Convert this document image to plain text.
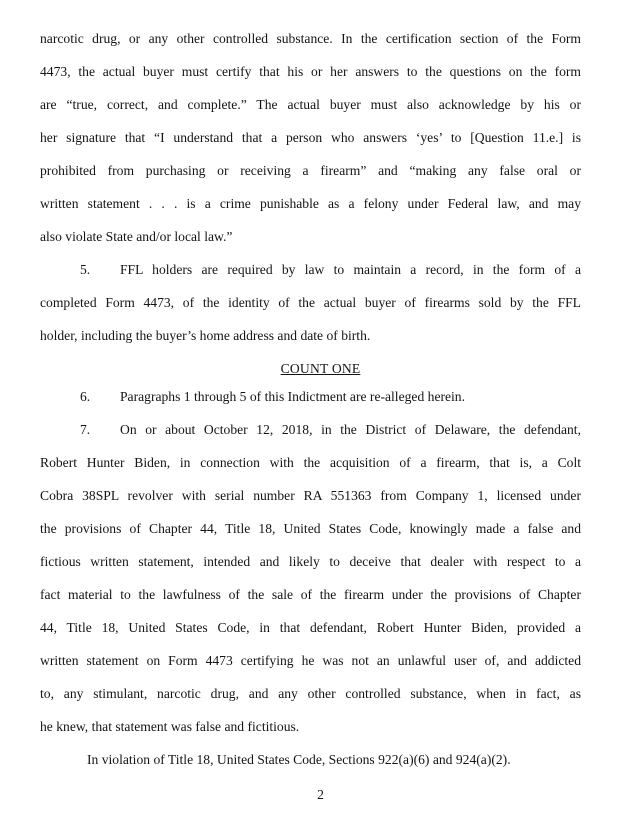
narcotic drug, or any other controlled substance. In the certification section of the Form
4473, the actual buyer must certify that his or her answers to the questions on the form
are “true, correct, and complete.” The actual buyer must also acknowledge by his or
her signature that “I understand that a person who answers ‘yes’ to [Question 11.e.] is
prohibited from purchasing or receiving a firearm” and “making any false oral or
written statement . . . is a crime punishable as a felony under Federal law, and may
also violate State and/or local law.”
5.	FFL holders are required by law to maintain a record, in the form of a
completed Form 4473, of the identity of the actual buyer of firearms sold by the FFL
holder, including the buyer’s home address and date of birth.
COUNT ONE
6.	Paragraphs 1 through 5 of this Indictment are re-alleged herein.
7.	On or about October 12, 2018, in the District of Delaware, the defendant,
Robert Hunter Biden, in connection with the acquisition of a firearm, that is, a Colt
Cobra 38SPL revolver with serial number RA 551363 from Company 1, licensed under
the provisions of Chapter 44, Title 18, United States Code, knowingly made a false and
fictious written statement, intended and likely to deceive that dealer with respect to a
fact material to the lawfulness of the sale of the firearm under the provisions of Chapter
44, Title 18, United States Code, in that defendant, Robert Hunter Biden, provided a
written statement on Form 4473 certifying he was not an unlawful user of, and addicted
to, any stimulant, narcotic drug, and any other controlled substance, when in fact, as
he knew, that statement was false and fictitious.
In violation of Title 18, United States Code, Sections 922(a)(6) and 924(a)(2).
2
